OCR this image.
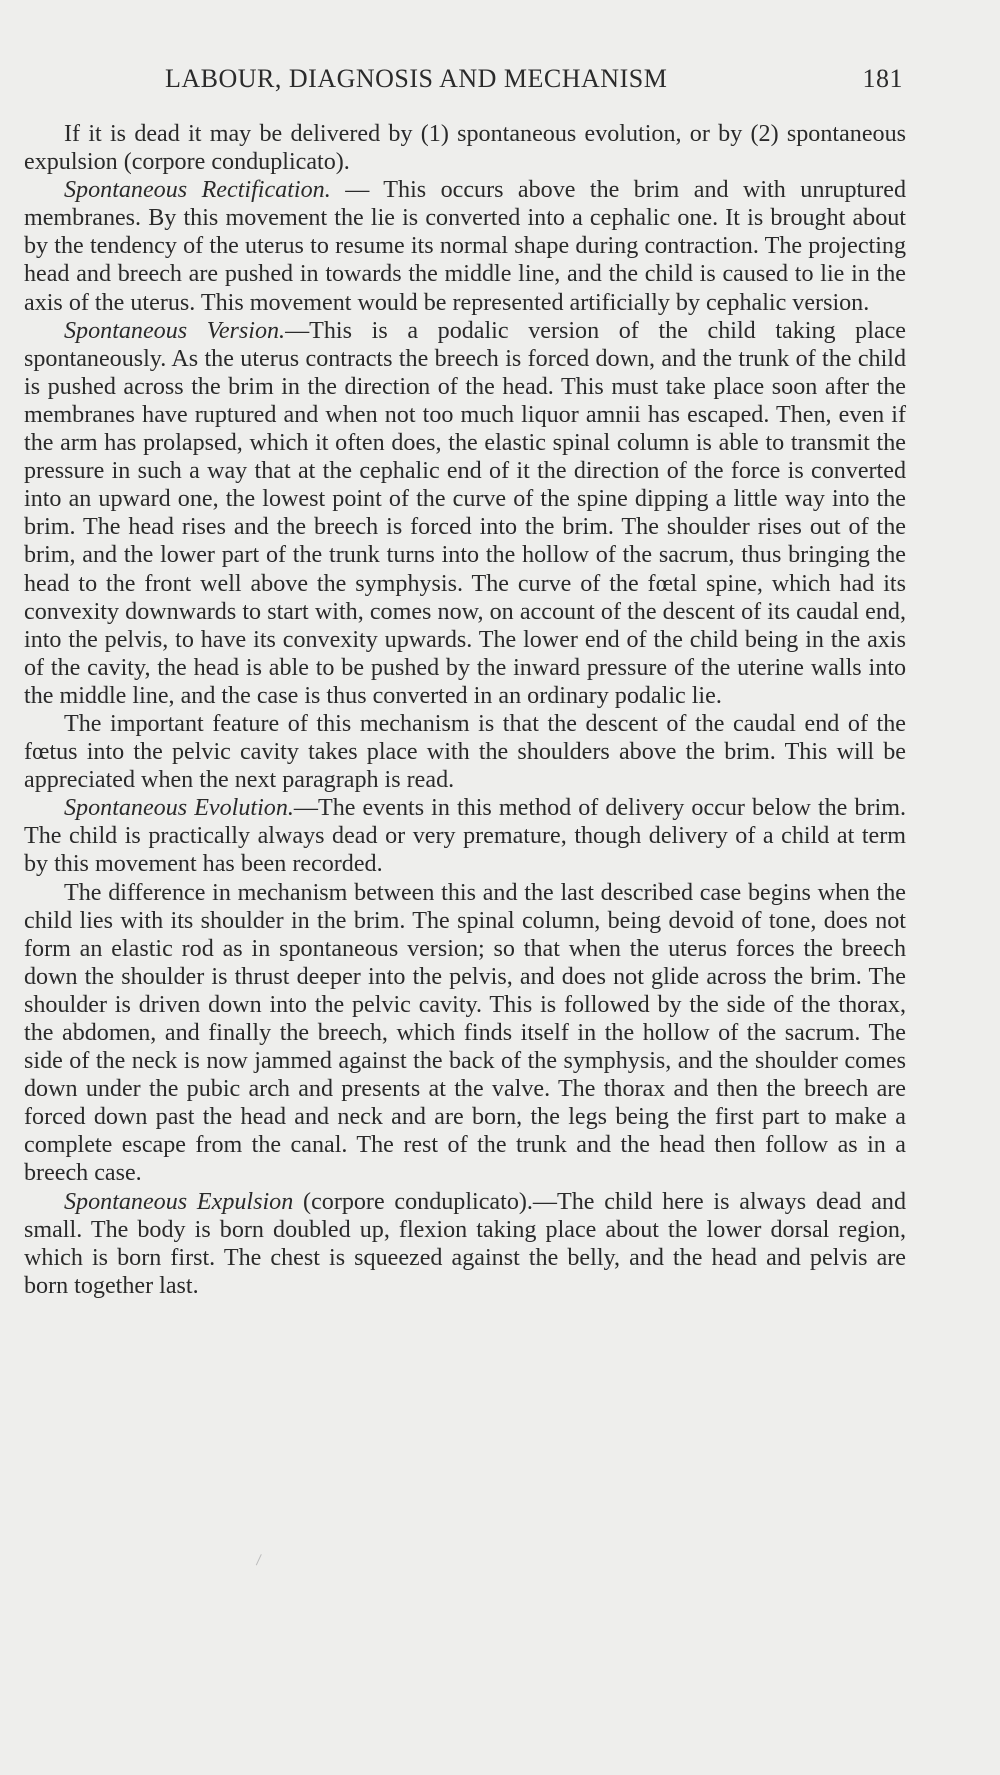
LABOUR, DIAGNOSIS AND MECHANISM	181

If it is dead it may be delivered by (1) spontaneous evolution, or by (2) spontaneous expulsion (corpore conduplicato).

Spontaneous Rectification. — This occurs above the brim and with unruptured membranes. By this movement the lie is converted into a cephalic one. It is brought about by the tendency of the uterus to resume its normal shape during contraction. The projecting head and breech are pushed in towards the middle line, and the child is caused to lie in the axis of the uterus. This movement would be represented artificially by cephalic version.

Spontaneous Version.—This is a podalic version of the child taking place spontaneously. As the uterus contracts the breech is forced down, and the trunk of the child is pushed across the brim in the direction of the head. This must take place soon after the membranes have ruptured and when not too much liquor amnii has escaped. Then, even if the arm has prolapsed, which it often does, the elastic spinal column is able to transmit the pressure in such a way that at the cephalic end of it the direction of the force is converted into an upward one, the lowest point of the curve of the spine dipping a little way into the brim. The head rises and the breech is forced into the brim. The shoulder rises out of the brim, and the lower part of the trunk turns into the hollow of the sacrum, thus bringing the head to the front well above the symphysis. The curve of the fœtal spine, which had its convexity downwards to start with, comes now, on account of the descent of its caudal end, into the pelvis, to have its convexity upwards. The lower end of the child being in the axis of the cavity, the head is able to be pushed by the inward pressure of the uterine walls into the middle line, and the case is thus converted in an ordinary podalic lie.

The important feature of this mechanism is that the descent of the caudal end of the fœtus into the pelvic cavity takes place with the shoulders above the brim. This will be appreciated when the next paragraph is read.

Spontaneous Evolution.—The events in this method of delivery occur below the brim. The child is practically always dead or very premature, though delivery of a child at term by this movement has been recorded.

The difference in mechanism between this and the last described case begins when the child lies with its shoulder in the brim. The spinal column, being devoid of tone, does not form an elastic rod as in spontaneous version; so that when the uterus forces the breech down the shoulder is thrust deeper into the pelvis, and does not glide across the brim. The shoulder is driven down into the pelvic cavity. This is followed by the side of the thorax, the abdomen, and finally the breech, which finds itself in the hollow of the sacrum. The side of the neck is now jammed against the back of the symphysis, and the shoulder comes down under the pubic arch and presents at the valve. The thorax and then the breech are forced down past the head and neck and are born, the legs being the first part to make a complete escape from the canal. The rest of the trunk and the head then follow as in a breech case.

Spontaneous Expulsion (corpore conduplicato).—The child here is always dead and small. The body is born doubled up, flexion taking place about the lower dorsal region, which is born first. The chest is squeezed against the belly, and the head and pelvis are born together last.
